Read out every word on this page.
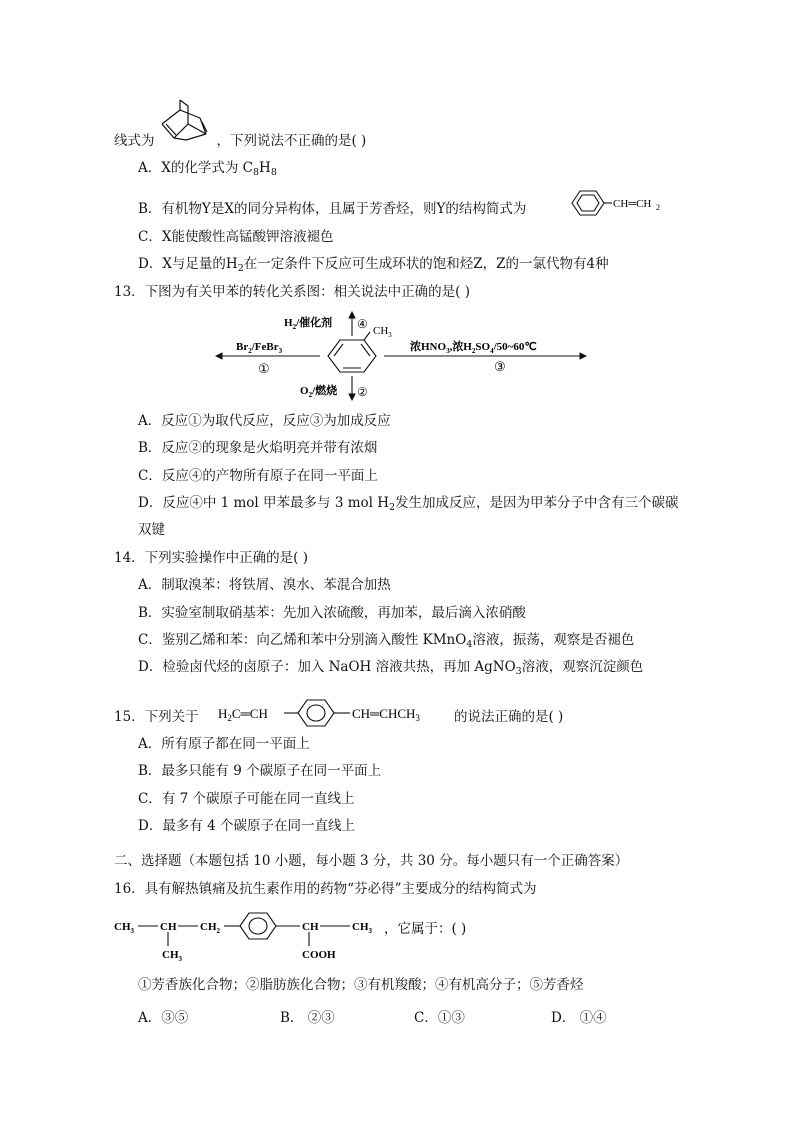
线式为	，下列说法不正确的是( )
A．X的化学式为 $C_8H_8$
B．有机物Y是X的同分异构体，且属于芳香烃，则Y的结构简式为	CH═CH 2
C．X能使酸性高锰酸钾溶液褪色
D．X与足量的$H_2$在一定条件下反应可生成环状的饱和烃Z，Z的一氯代物有4种
13．下图为有关甲苯的转化关系图：相关说法中正确的是( )
$H_2/$催化剂 ④ $CH_3$
$Br_2/FeBr_3$
①
浓$HNO_3$,浓$H_2SO_4/50\sim 60℃$
③
$O_2/$燃烧 ②
A．反应①为取代反应，反应③为加成反应
B．反应②的现象是火焰明亮并带有浓烟
C．反应④的产物所有原子在同一平面上
D．反应④中 1 mol 甲苯最多与 3 mol $H_2$发生加成反应，是因为甲苯分子中含有三个碳碳
双键
14．下列实验操作中正确的是( )
A．制取溴苯：将铁屑、溴水、苯混合加热
B．实验室制取硝基苯：先加入浓硫酸，再加苯，最后滴入浓硝酸
C．鉴别乙烯和苯：向乙烯和苯中分别滴入酸性 KMnO$_4$溶液，振荡，观察是否褪色
D．检验卤代烃的卤原子：加入 NaOH 溶液共热，再加 AgNO$_3$溶液，观察沉淀颜色
15．下列关于 $H_2C═CH$	$CH═CHCH_3$	的说法正确的是( )
A．所有原子都在同一平面上
B．最多只能有 9 个碳原子在同一平面上
C．有 7 个碳原子可能在同一直线上
D．最多有 4 个碳原子在同一直线上
二、选择题（本题包括 10 小题，每小题 3 分，共 30 分。每小题只有一个正确答案）
16．具有解热镇痛及抗生素作用的药物“芬必得”主要成分的结构简式为
$CH_3$ CH $CH_2$
$CH_3$
CH	$CH_3$
COOH
，它属于：( )
①芳香族化合物；②脂肪族化合物；③有机羧酸；④有机高分子；⑤芳香烃
A．③⑤	B． ②③	C．①③	D． ①④
